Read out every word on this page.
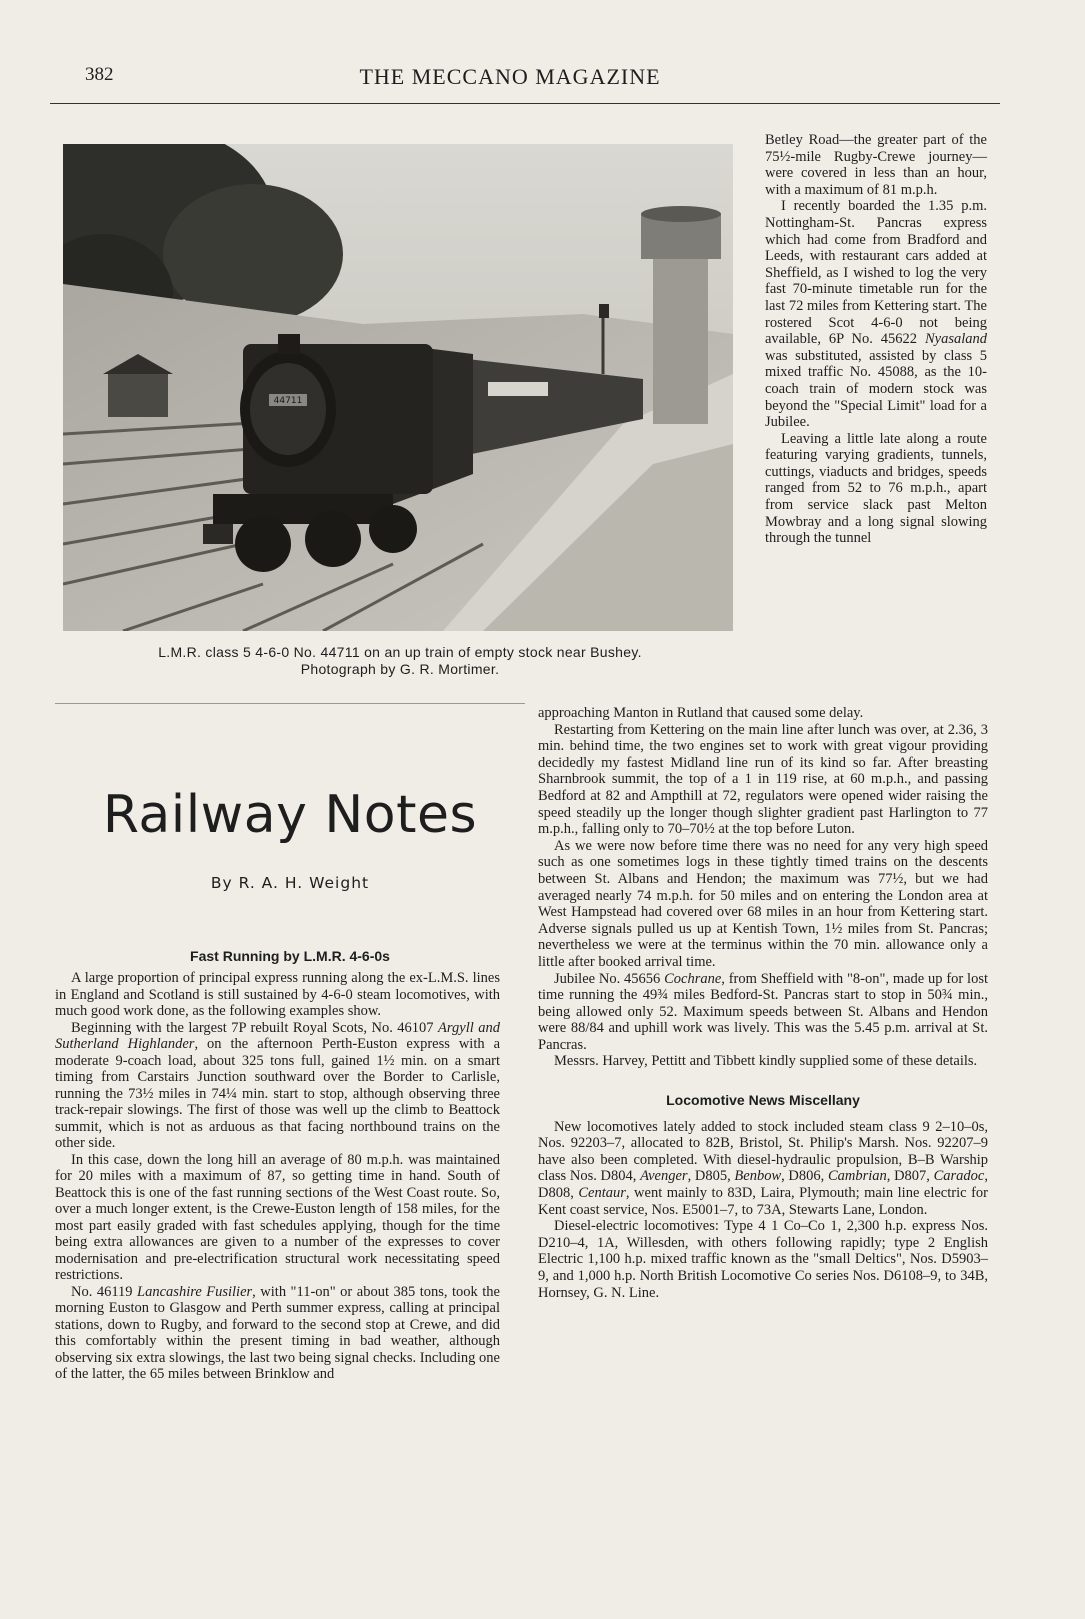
382	THE MECCANO MAGAZINE
44711
L.M.R. class 5 4-6-0 No. 44711 on an up train of empty stock near Bushey.
Photograph by G. R. Mortimer.

Betley Road—the greater part of the 75½-mile Rugby-Crewe journey—were covered in less than an hour, with a maximum of 81 m.p.h.

I recently boarded the 1.35 p.m. Nottingham-St. Pancras express which had come from Bradford and Leeds, with restaurant cars added at Sheffield, as I wished to log the very fast 70-minute timetable run for the last 72 miles from Kettering start. The rostered Scot 4-6-0 not being available, 6P No. 45622 Nyasaland was substituted, assisted by class 5 mixed traffic No. 45088, as the 10-coach train of modern stock was beyond the "Special Limit" load for a Jubilee.

Leaving a little late along a route featuring varying gradients, tunnels, cuttings, viaducts and bridges, speeds ranged from 52 to 76 m.p.h., apart from service slack past Melton Mowbray and a long signal slowing through the tunnel

Railway Notes
By R. A. H. Weight
Fast Running by L.M.R. 4-6-0s

A large proportion of principal express running along the ex-L.M.S. lines in England and Scotland is still sustained by 4-6-0 steam locomotives, with much good work done, as the following examples show.

Beginning with the largest 7P rebuilt Royal Scots, No. 46107 Argyll and Sutherland Highlander, on the afternoon Perth-Euston express with a moderate 9-coach load, about 325 tons full, gained 1½ min. on a smart timing from Carstairs Junction southward over the Border to Carlisle, running the 73½ miles in 74¼ min. start to stop, although observing three track-repair slowings. The first of those was well up the climb to Beattock summit, which is not as arduous as that facing northbound trains on the other side.

In this case, down the long hill an average of 80 m.p.h. was maintained for 20 miles with a maximum of 87, so getting time in hand. South of Beattock this is one of the fast running sections of the West Coast route. So, over a much longer extent, is the Crewe-Euston length of 158 miles, for the most part easily graded with fast schedules applying, though for the time being extra allowances are given to a number of the expresses to cover modernisation and pre-electrification structural work necessitating speed restrictions.

No. 46119 Lancashire Fusilier, with "11-on" or about 385 tons, took the morning Euston to Glasgow and Perth summer express, calling at principal stations, down to Rugby, and forward to the second stop at Crewe, and did this comfortably within the present timing in bad weather, although observing six extra slowings, the last two being signal checks. Including one of the latter, the 65 miles between Brinklow and

approaching Manton in Rutland that caused some delay.

Restarting from Kettering on the main line after lunch was over, at 2.36, 3 min. behind time, the two engines set to work with great vigour providing decidedly my fastest Midland line run of its kind so far. After breasting Sharnbrook summit, the top of a 1 in 119 rise, at 60 m.p.h., and passing Bedford at 82 and Ampthill at 72, regulators were opened wider raising the speed steadily up the longer though slighter gradient past Harlington to 77 m.p.h., falling only to 70–70½ at the top before Luton.

As we were now before time there was no need for any very high speed such as one sometimes logs in these tightly timed trains on the descents between St. Albans and Hendon; the maximum was 77½, but we had averaged nearly 74 m.p.h. for 50 miles and on entering the London area at West Hampstead had covered over 68 miles in an hour from Kettering start. Adverse signals pulled us up at Kentish Town, 1½ miles from St. Pancras; nevertheless we were at the terminus within the 70 min. allowance only a little after booked arrival time.

Jubilee No. 45656 Cochrane, from Sheffield with "8-on", made up for lost time running the 49¾ miles Bedford-St. Pancras start to stop in 50¾ min., being allowed only 52. Maximum speeds between St. Albans and Hendon were 88/84 and uphill work was lively. This was the 5.45 p.m. arrival at St. Pancras.

Messrs. Harvey, Pettitt and Tibbett kindly supplied some of these details.

Locomotive News Miscellany

New locomotives lately added to stock included steam class 9 2–10–0s, Nos. 92203–7, allocated to 82B, Bristol, St. Philip's Marsh. Nos. 92207–9 have also been completed. With diesel-hydraulic propulsion, B–B Warship class Nos. D804, Avenger, D805, Benbow, D806, Cambrian, D807, Caradoc, D808, Centaur, went mainly to 83D, Laira, Plymouth; main line electric for Kent coast service, Nos. E5001–7, to 73A, Stewarts Lane, London.

Diesel-electric locomotives: Type 4 1 Co–Co 1, 2,300 h.p. express Nos. D210–4, 1A, Willesden, with others following rapidly; type 2 English Electric 1,100 h.p. mixed traffic known as the "small Deltics", Nos. D5903–9, and 1,000 h.p. North British Locomotive Co series Nos. D6108–9, to 34B, Hornsey, G. N. Line.
